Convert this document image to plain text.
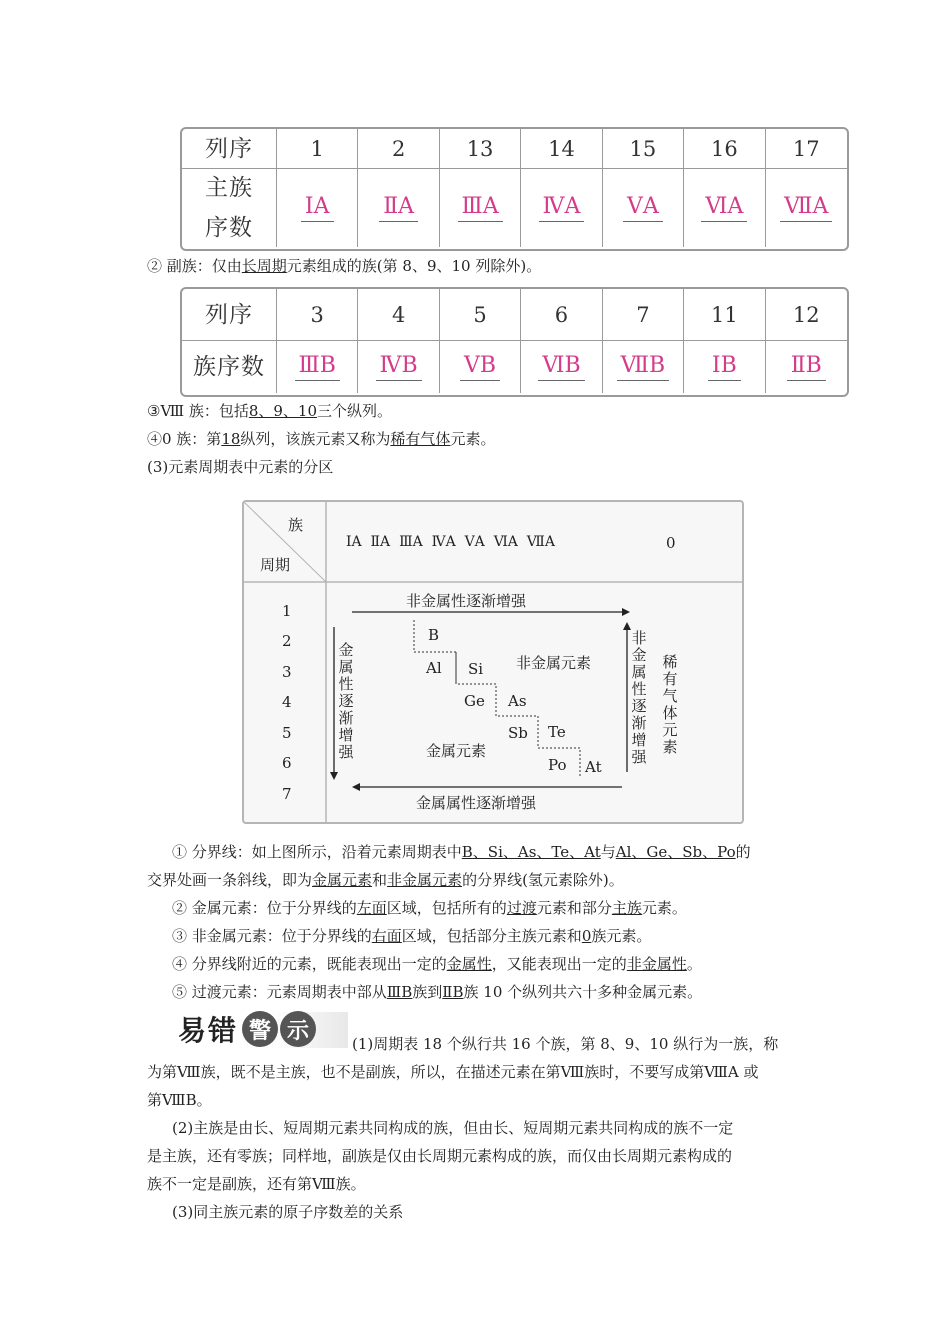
列序	1	2	13	14	15	16	17
主族
序数
ⅠA ⅡA ⅢA ⅣA ⅤA ⅥA ⅦA
② 副族：仅由长周期元素组成的族(第 8、9、10 列除外)。
列序	3	4	5	6	7	11	12
族序数	ⅢB ⅣB ⅤB ⅥB ⅦB ⅠB ⅡB
③Ⅷ 族：包括8、9、10三个纵列。
④0 族：第18纵列，该族元素又称为稀有气体元素。
(3)元素周期表中元素的分区
族
周期
ⅠA  ⅡA  ⅢA  ⅣA  ⅤA  ⅥA  ⅦA	0
1
2
3
4
5
6
7
非金属性逐渐增强
金属属性逐渐增强
金属性逐渐增强
非金属性逐渐增强
稀有气体元素
非金属元素
金属元素
B
Al Si
Ge As
Sb Te
Po At
① 分界线：如上图所示，沿着元素周期表中B、Si、As、Te、At与Al、Ge、Sb、Po的
交界处画一条斜线，即为金属元素和非金属元素的分界线(氢元素除外)。
② 金属元素：位于分界线的左面区域，包括所有的过渡元素和部分主族元素。
③ 非金属元素：位于分界线的右面区域，包括部分主族元素和0族元素。
④ 分界线附近的元素，既能表现出一定的金属性，又能表现出一定的非金属性。
⑤ 过渡元素：元素周期表中部从ⅢB族到ⅡB族 10 个纵列共六十多种金属元素。
易错 警 示
(1)周期表 18 个纵行共 16 个族，第 8、9、10 纵行为一族，称
为第Ⅷ族，既不是主族，也不是副族，所以，在描述元素在第Ⅷ族时，不要写成第ⅧA 或
第ⅧB。
(2)主族是由长、短周期元素共同构成的族，但由长、短周期元素共同构成的族不一定
是主族，还有零族；同样地，副族是仅由长周期元素构成的族，而仅由长周期元素构成的
族不一定是副族，还有第Ⅷ族。
(3)同主族元素的原子序数差的关系
